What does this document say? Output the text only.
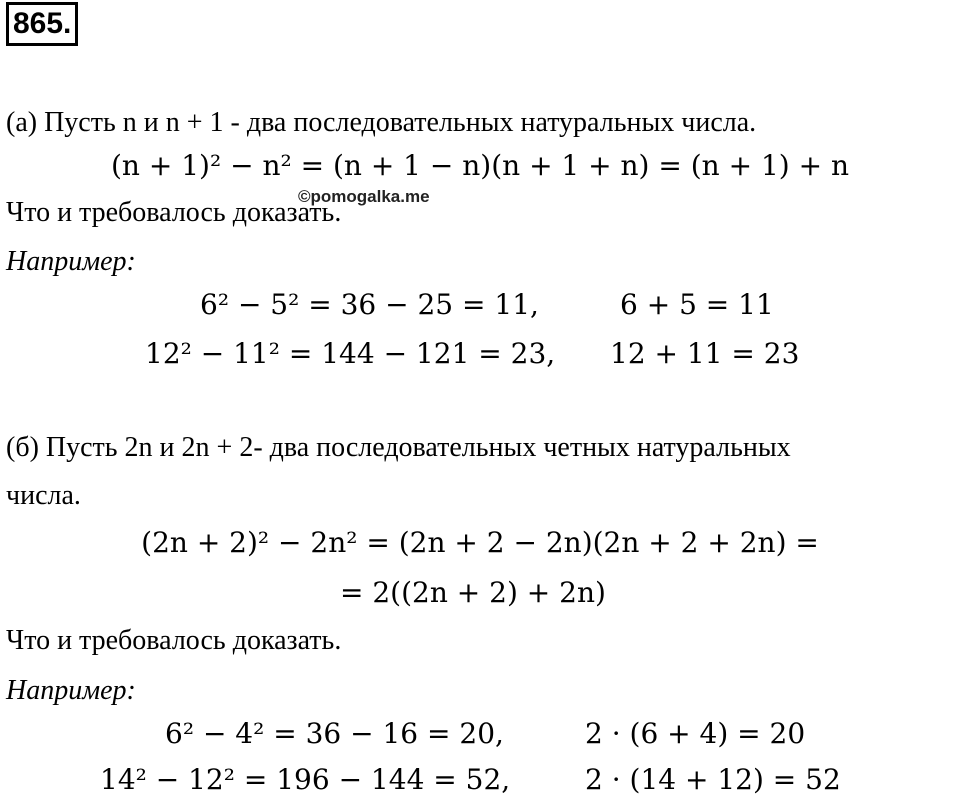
865.
(а) Пусть n и n + 1 - два последовательных натуральных числа.
(n + 1)² − n² = (n + 1 − n)(n + 1 + n) = (n + 1) + n
©pomogalka.me
Что и требовалось доказать.
Например:
6² − 5² = 36 − 25 = 11,	6 + 5 = 11
12² − 11² = 144 − 121 = 23, 12 + 11 = 23
(б) Пусть 2n и 2n + 2- два последовательных четных натуральных
числа.
(2n + 2)² − 2n² = (2n + 2 − 2n)(2n + 2 + 2n) =
= 2((2n + 2) + 2n)
Что и требовалось доказать.
Например:
6² − 4² = 36 − 16 = 20,	2 · (6 + 4) = 20
14² − 12² = 196 − 144 = 52,	2 · (14 + 12) = 52
